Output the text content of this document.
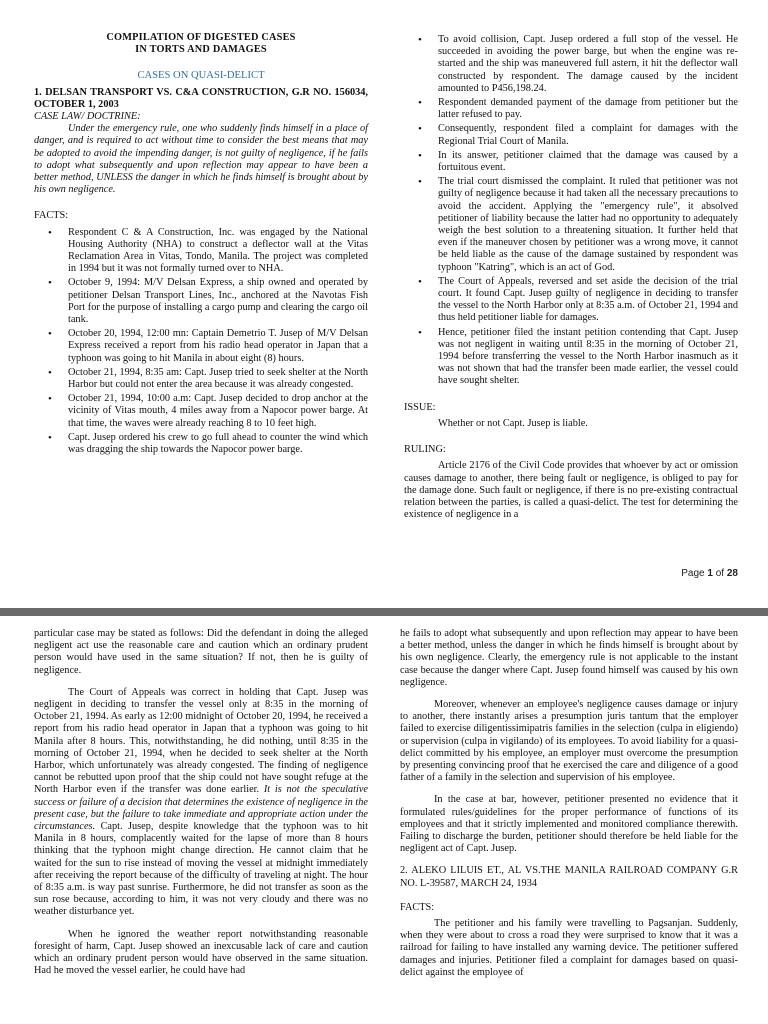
COMPILATION OF DIGESTED CASES

IN TORTS AND DAMAGES

CASES ON QUASI-DELICT

1. DELSAN TRANSPORT VS. C&A CONSTRUCTION, G.R NO. 156034, OCTOBER 1, 2003

CASE LAW/ DOCTRINE:

Under the emergency rule, one who suddenly finds himself in a place of danger, and is required to act without time to consider the best means that may be adopted to avoid the impending danger, is not guilty of negligence, if he fails to adopt what subsequently and upon reflection may appear to have been a better method, UNLESS the danger in which he finds himself is brought about by his own negligence.

FACTS:

• Respondent C & A Construction, Inc. was engaged by the National Housing Authority (NHA) to construct a deflector wall at the Vitas Reclamation Area in Vitas, Tondo, Manila. The project was completed in 1994 but it was not formally turned over to NHA.
• October 9, 1994: M/V Delsan Express, a ship owned and operated by petitioner Delsan Transport Lines, Inc., anchored at the Navotas Fish Port for the purpose of installing a cargo pump and clearing the cargo oil tank.
• October 20, 1994, 12:00 mn: Captain Demetrio T. Jusep of M/V Delsan Express received a report from his radio head operator in Japan that a typhoon was going to hit Manila in about eight (8) hours.
• October 21, 1994, 8:35 am: Capt. Jusep tried to seek shelter at the North Harbor but could not enter the area because it was already congested.
• October 21, 1994, 10:00 a.m: Capt. Jusep decided to drop anchor at the vicinity of Vitas mouth, 4 miles away from a Napocor power barge. At that time, the waves were already reaching 8 to 10 feet high.
• Capt. Jusep ordered his crew to go full ahead to counter the wind which was dragging the ship towards the Napocor power barge.
• To avoid collision, Capt. Jusep ordered a full stop of the vessel. He succeeded in avoiding the power barge, but when the engine was re-started and the ship was maneuvered full astern, it hit the deflector wall constructed by respondent. The damage caused by the incident amounted to P456,198.24.
• Respondent demanded payment of the damage from petitioner but the latter refused to pay.
• Consequently, respondent filed a complaint for damages with the Regional Trial Court of Manila.
• In its answer, petitioner claimed that the damage was caused by a fortuitous event.
• The trial court dismissed the complaint. It ruled that petitioner was not guilty of negligence because it had taken all the necessary precautions to avoid the accident. Applying the "emergency rule", it absolved petitioner of liability because the latter had no opportunity to adequately weigh the best solution to a threatening situation. It further held that even if the maneuver chosen by petitioner was a wrong move, it cannot be held liable as the cause of the damage sustained by respondent was typhoon "Katring", which is an act of God.
• The Court of Appeals, reversed and set aside the decision of the trial court. It found Capt. Jusep guilty of negligence in deciding to transfer the vessel to the North Harbor only at 8:35 a.m. of October 21, 1994 and thus held petitioner liable for damages.
• Hence, petitioner filed the instant petition contending that Capt. Jusep was not negligent in waiting until 8:35 in the morning of October 21, 1994 before transferring the vessel to the North Harbor inasmuch as it was not shown that had the transfer been made earlier, the vessel could have sought shelter.

ISSUE:

Whether or not Capt. Jusep is liable.

RULING:

Article 2176 of the Civil Code provides that whoever by act or omission causes damage to another, there being fault or negligence, is obliged to pay for the damage done. Such fault or negligence, if there is no pre-existing contractual relation between the parties, is called a quasi-delict. The test for determining the existence of negligence in a

Page 1 of 28

particular case may be stated as follows: Did the defendant in doing the alleged negligent act use the reasonable care and caution which an ordinary prudent person would have used in the same situation? If not, then he is guilty of negligence.

The Court of Appeals was correct in holding that Capt. Jusep was negligent in deciding to transfer the vessel only at 8:35 in the morning of October 21, 1994. As early as 12:00 midnight of October 20, 1994, he received a report from his radio head operator in Japan that a typhoon was going to hit Manila after 8 hours. This, notwithstanding, he did nothing, until 8:35 in the morning of October 21, 1994, when he decided to seek shelter at the North Harbor, which unfortunately was already congested. The finding of negligence cannot be rebutted upon proof that the ship could not have sought refuge at the North Harbor even if the transfer was done earlier. It is not the speculative success or failure of a decision that determines the existence of negligence in the present case, but the failure to take immediate and appropriate action under the circumstances. Capt. Jusep, despite knowledge that the typhoon was to hit Manila in 8 hours, complacently waited for the lapse of more than 8 hours thinking that the typhoon might change direction. He cannot claim that he waited for the sun to rise instead of moving the vessel at midnight immediately after receiving the report because of the difficulty of traveling at night. The hour of 8:35 a.m. is way past sunrise. Furthermore, he did not transfer as soon as the sun rose because, according to him, it was not very cloudy and there was no weather disturbance yet.

When he ignored the weather report notwithstanding reasonable foresight of harm, Capt. Jusep showed an inexcusable lack of care and caution which an ordinary prudent person would have observed in the same situation. Had he moved the vessel earlier, he could have had

he fails to adopt what subsequently and upon reflection may appear to have been a better method, unless the danger in which he finds himself is brought about by his own negligence. Clearly, the emergency rule is not applicable to the instant case because the danger where Capt. Jusep found himself was caused by his own negligence.

Moreover, whenever an employee's negligence causes damage or injury to another, there instantly arises a presumption juris tantum that the employer failed to exercise diligentissimipatris families in the selection (culpa in eligiendo) or supervision (culpa in vigilando) of its employees. To avoid liability for a quasi-delict committed by his employee, an employer must overcome the presumption by presenting convincing proof that he exercised the care and diligence of a good father of a family in the selection and supervision of his employee.

In the case at bar, however, petitioner presented no evidence that it formulated rules/guidelines for the proper performance of functions of its employees and that it strictly implemented and monitored compliance therewith. Failing to discharge the burden, petitioner should therefore be held liable for the negligent act of Capt. Jusep.

2. ALEKO LILUIS ET., AL VS.THE MANILA RAILROAD COMPANY G.R NO. L-39587, MARCH 24, 1934

FACTS:

The petitioner and his family were travelling to Pagsanjan. Suddenly, when they were about to cross a road they were surprised to know that it was a railroad for failing to have installed any warning device. The petitioner suffered damages and injuries. Petitioner filed a complaint for damages based on quasi-delict against the employee of
